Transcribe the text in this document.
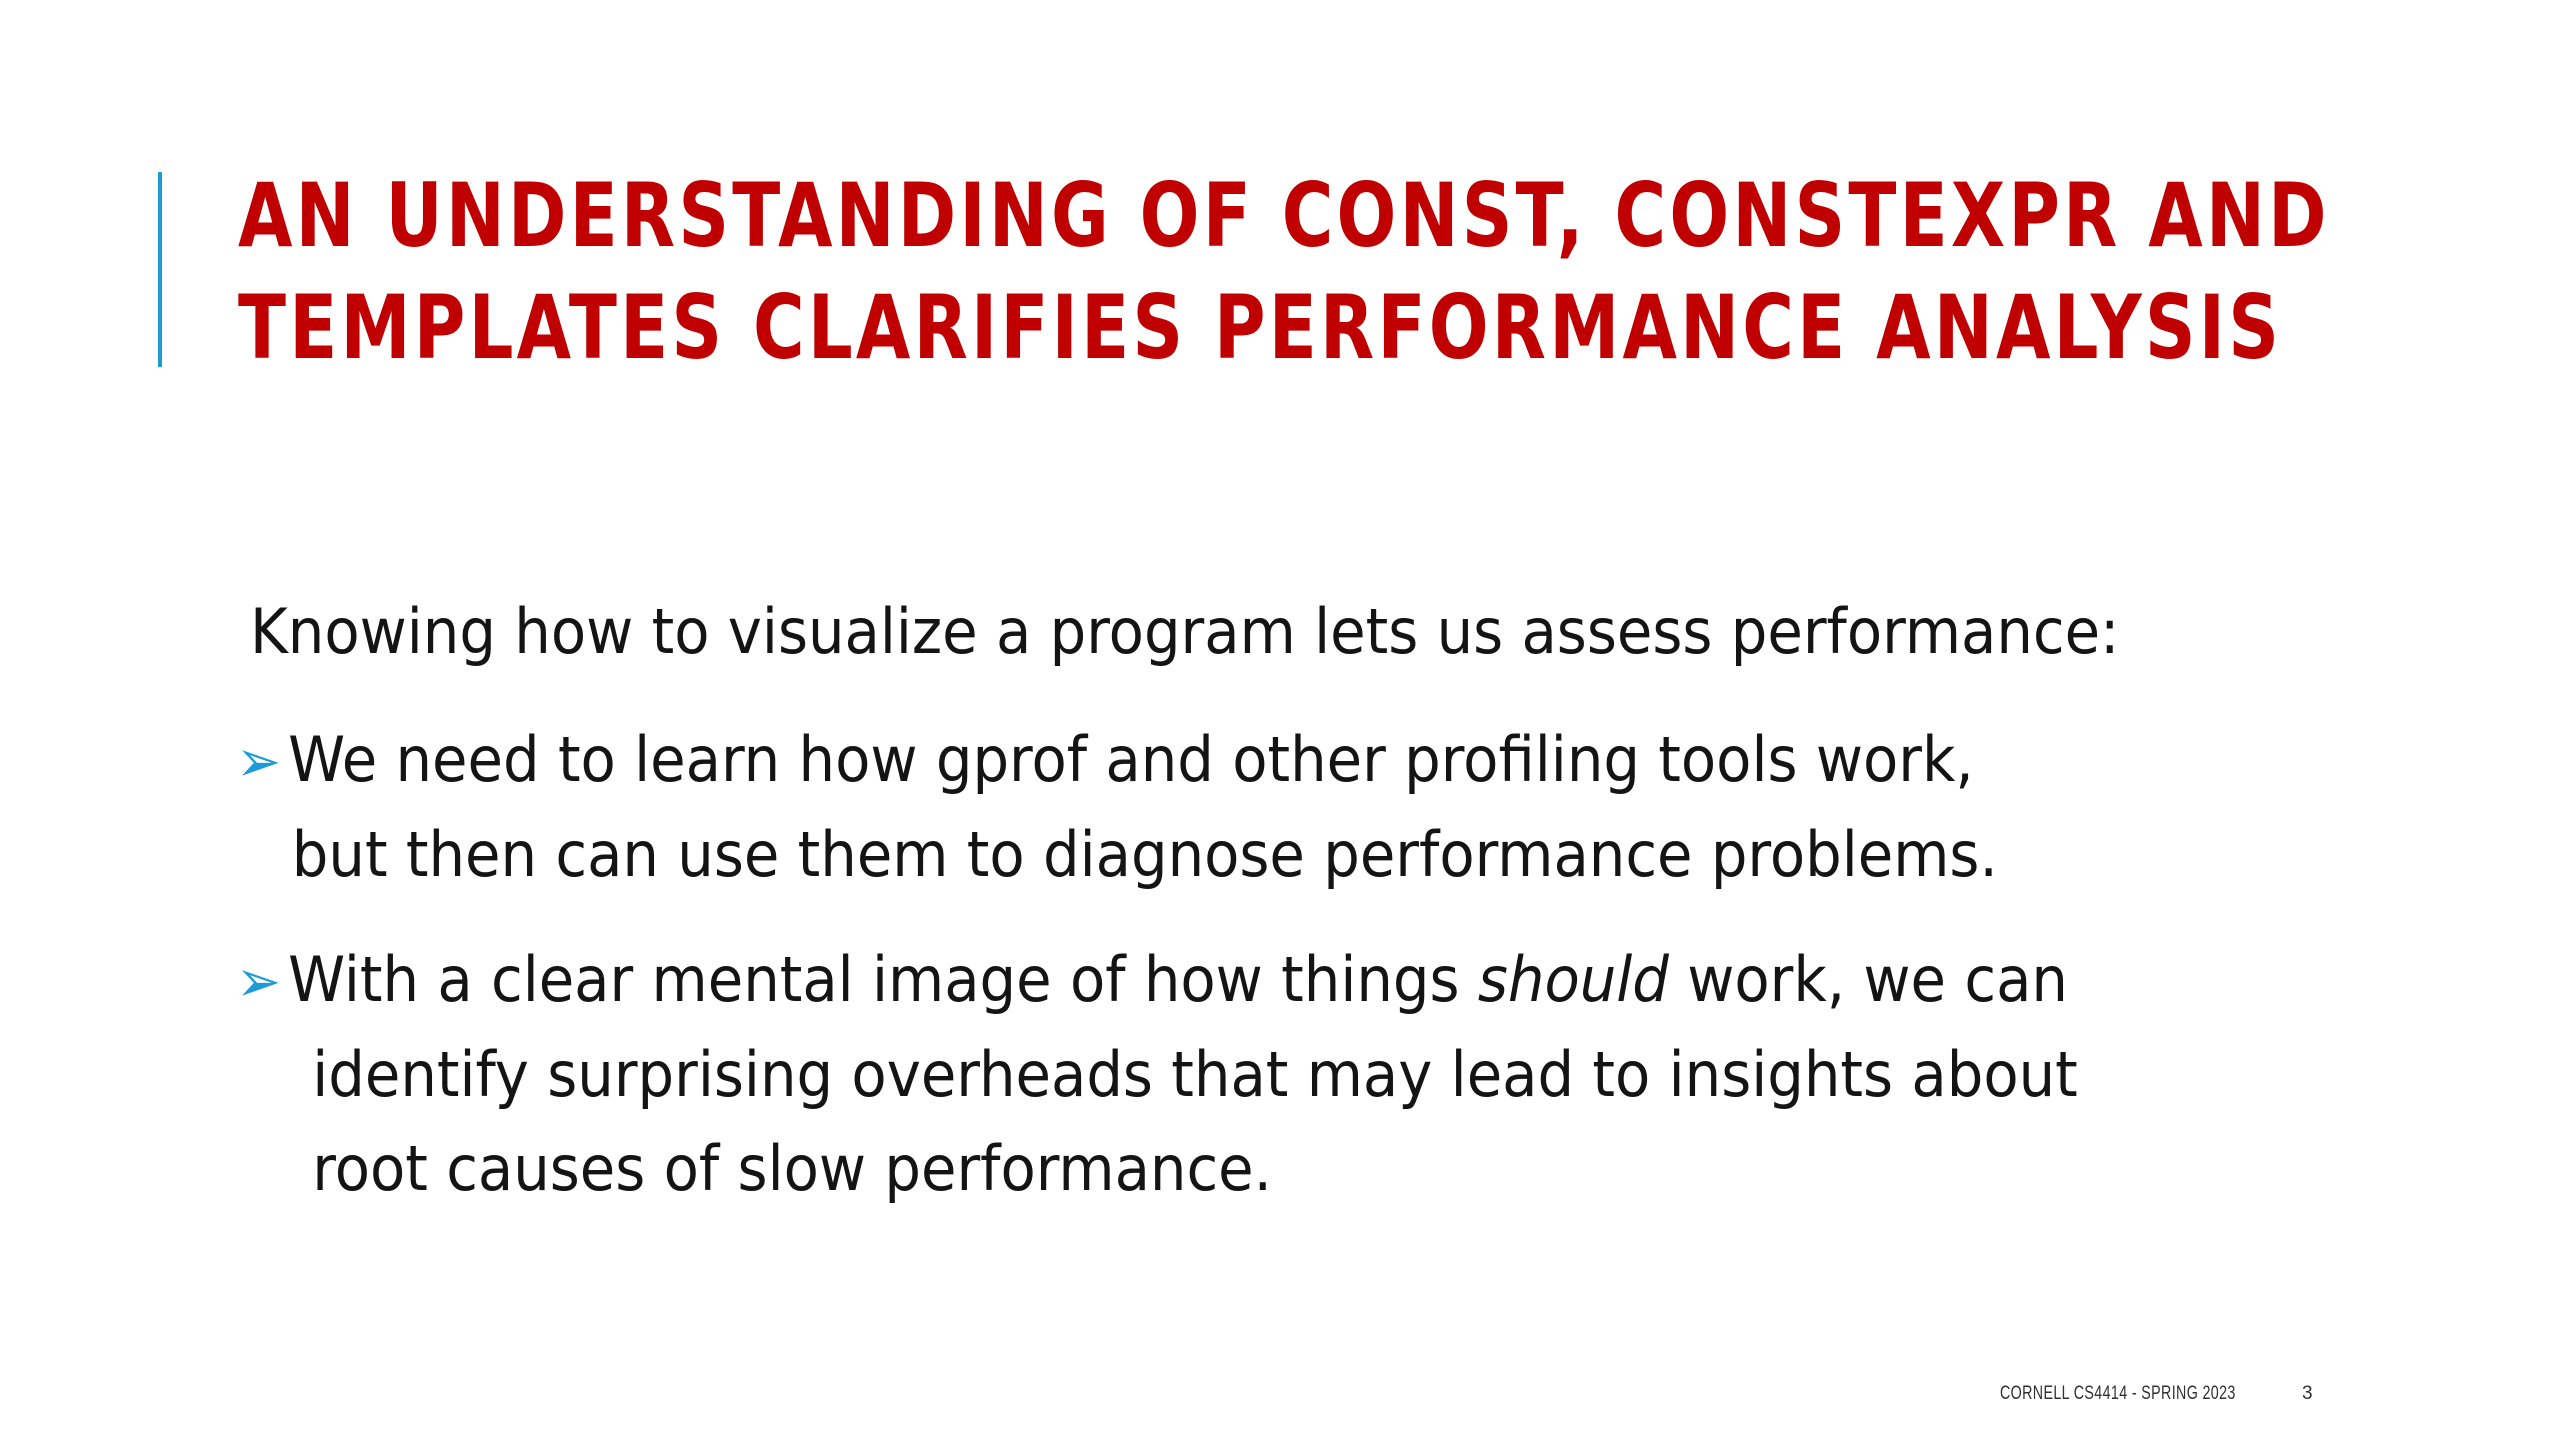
AN UNDERSTANDING OF CONST, CONSTEXPR AND
TEMPLATES CLARIFIES PERFORMANCE ANALYSIS
Knowing how to visualize a program lets us assess performance:
➢ We need to learn how gprof and other profiling tools work,
but then can use them to diagnose performance problems.
➢ With a clear mental image of how things should work, we can
identify surprising overheads that may lead to insights about
root causes of slow performance.
CORNELL CS4414 - SPRING 2023	3
